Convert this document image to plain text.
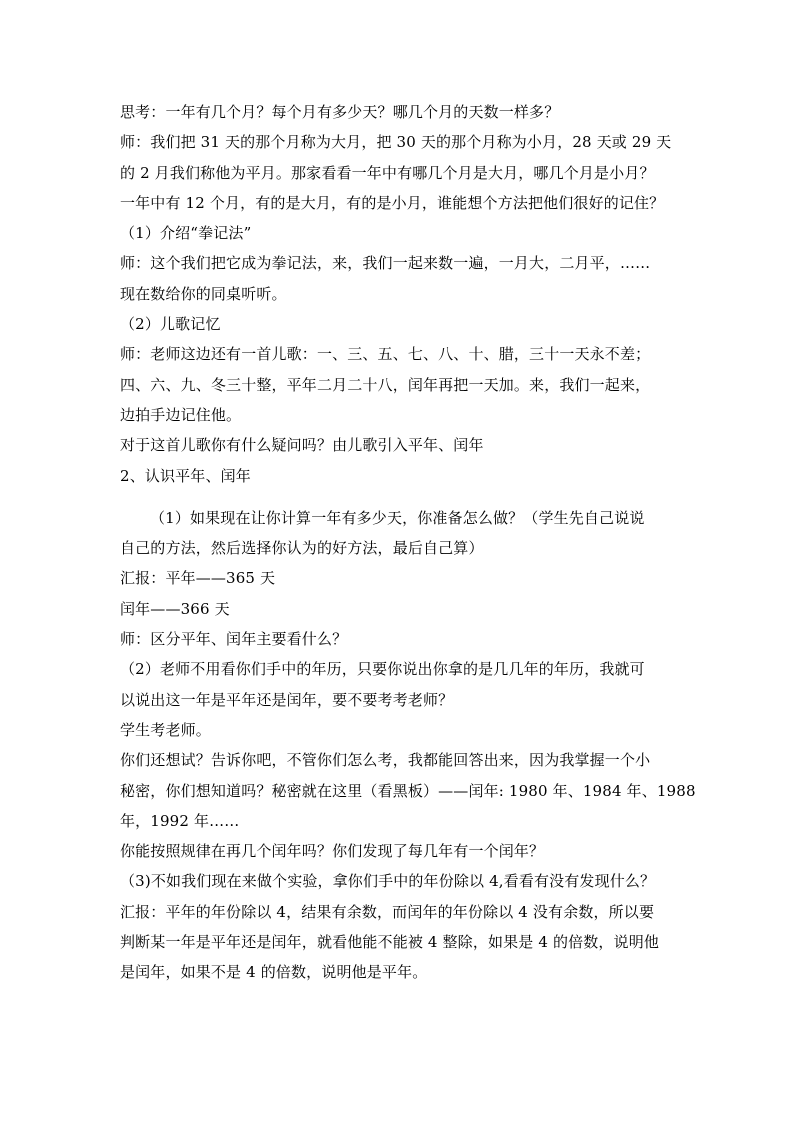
思考：一年有几个月？每个月有多少天？哪几个月的天数一样多？
师：我们把 31 天的那个月称为大月，把 30 天的那个月称为小月，28 天或 29 天
的 2 月我们称他为平月。那家看看一年中有哪几个月是大月，哪几个月是小月？
一年中有 12 个月，有的是大月，有的是小月，谁能想个方法把他们很好的记住？
（1）介绍“拳记法”
师：这个我们把它成为拳记法，来，我们一起来数一遍，一月大，二月平，……
现在数给你的同桌听听。
（2）儿歌记忆
师：老师这边还有一首儿歌：一、三、五、七、八、十、腊，三十一天永不差；
四、六、九、冬三十整，平年二月二十八，闰年再把一天加。来，我们一起来，
边拍手边记住他。
对于这首儿歌你有什么疑问吗？由儿歌引入平年、闰年
2、认识平年、闰年
（1）如果现在让你计算一年有多少天，你准备怎么做？（学生先自己说说
自己的方法，然后选择你认为的好方法，最后自己算）
汇报：平年——365 天
闰年——366 天
师：区分平年、闰年主要看什么？
（2）老师不用看你们手中的年历，只要你说出你拿的是几几年的年历，我就可
以说出这一年是平年还是闰年，要不要考考老师？
学生考老师。
你们还想试？告诉你吧，不管你们怎么考，我都能回答出来，因为我掌握一个小
秘密，你们想知道吗？秘密就在这里（看黑板）——闰年: 1980 年、1984 年、1988
年，1992 年……
你能按照规律在再几个闰年吗？你们发现了每几年有一个闰年？
（3)不如我们现在来做个实验，拿你们手中的年份除以 4,看看有没有发现什么？
汇报：平年的年份除以 4，结果有余数，而闰年的年份除以 4 没有余数，所以要
判断某一年是平年还是闰年，就看他能不能被 4 整除，如果是 4 的倍数，说明他
是闰年，如果不是 4 的倍数，说明他是平年。
